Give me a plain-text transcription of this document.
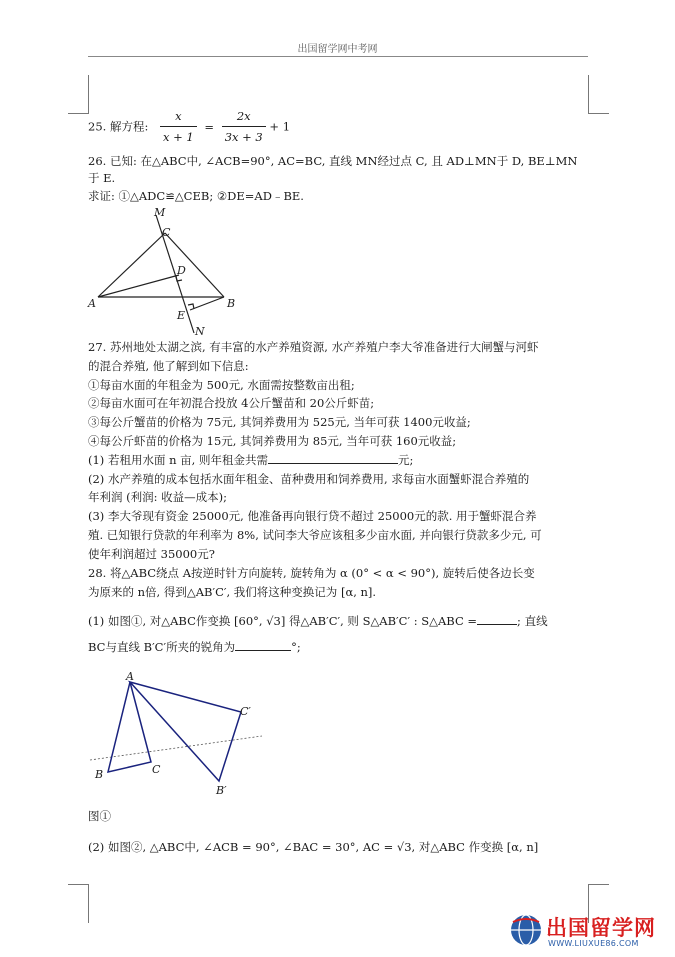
出国留学网中考网
25. 解方程: $\frac{x}{x + 1} = \frac{2x}{3x + 3} + 1$
26. 已知: 在△ABC中, ∠ACB=90°, AC=BC, 直线 MN经过点 C, 且 AD⊥MN于 D, BE⊥MN
于 E.
求证: ①△ADC≌△CEB; ②DE=AD﹣BE.
M
C
D
A	B
E
N
27. 苏州地处太湖之滨, 有丰富的水产养殖资源, 水产养殖户李大爷准备进行大闸蟹与河虾
的混合养殖, 他了解到如下信息:
①每亩水面的年租金为 500元, 水面需按整数亩出租;
②每亩水面可在年初混合投放 4公斤蟹苗和 20公斤虾苗;
③每公斤蟹苗的价格为 75元, 其饲养费用为 525元, 当年可获 1400元收益;
④每公斤虾苗的价格为 15元, 其饲养费用为 85元, 当年可获 160元收益;
(1) 若租用水面 n 亩, 则年租金共需	元;
(2) 水产养殖的成本包括水面年租金、苗种费用和饲养费用, 求每亩水面蟹虾混合养殖的
年利润 (利润: 收益—成本);
(3) 李大爷现有资金 25000元, 他准备再向银行贷不超过 25000元的款. 用于蟹虾混合养
殖. 已知银行贷款的年利率为 8%, 试问李大爷应该租多少亩水面, 并向银行贷款多少元, 可
使年利润超过 35000元?
28. 将△ABC绕点 A按逆时针方向旋转, 旋转角为 α (0° < α < 90°), 旋转后使各边长变
为原来的 n倍, 得到△AB′C′, 我们将这种变换记为 [α, n].
(1) 如图①, 对△ABC作变换 [60°, √3] 得△AB′C′, 则 S△AB′C′ : S△ABC =	; 直线
BC与直线 B′C′所夹的锐角为	°;
A
B	C
C′
B′
图①
(2) 如图②, △ABC中, ∠ACB = 90°, ∠BAC = 30°, AC = √3, 对△ABC 作变换 [α, n]
出国留学网
WWW.LIUXUE86.COM
